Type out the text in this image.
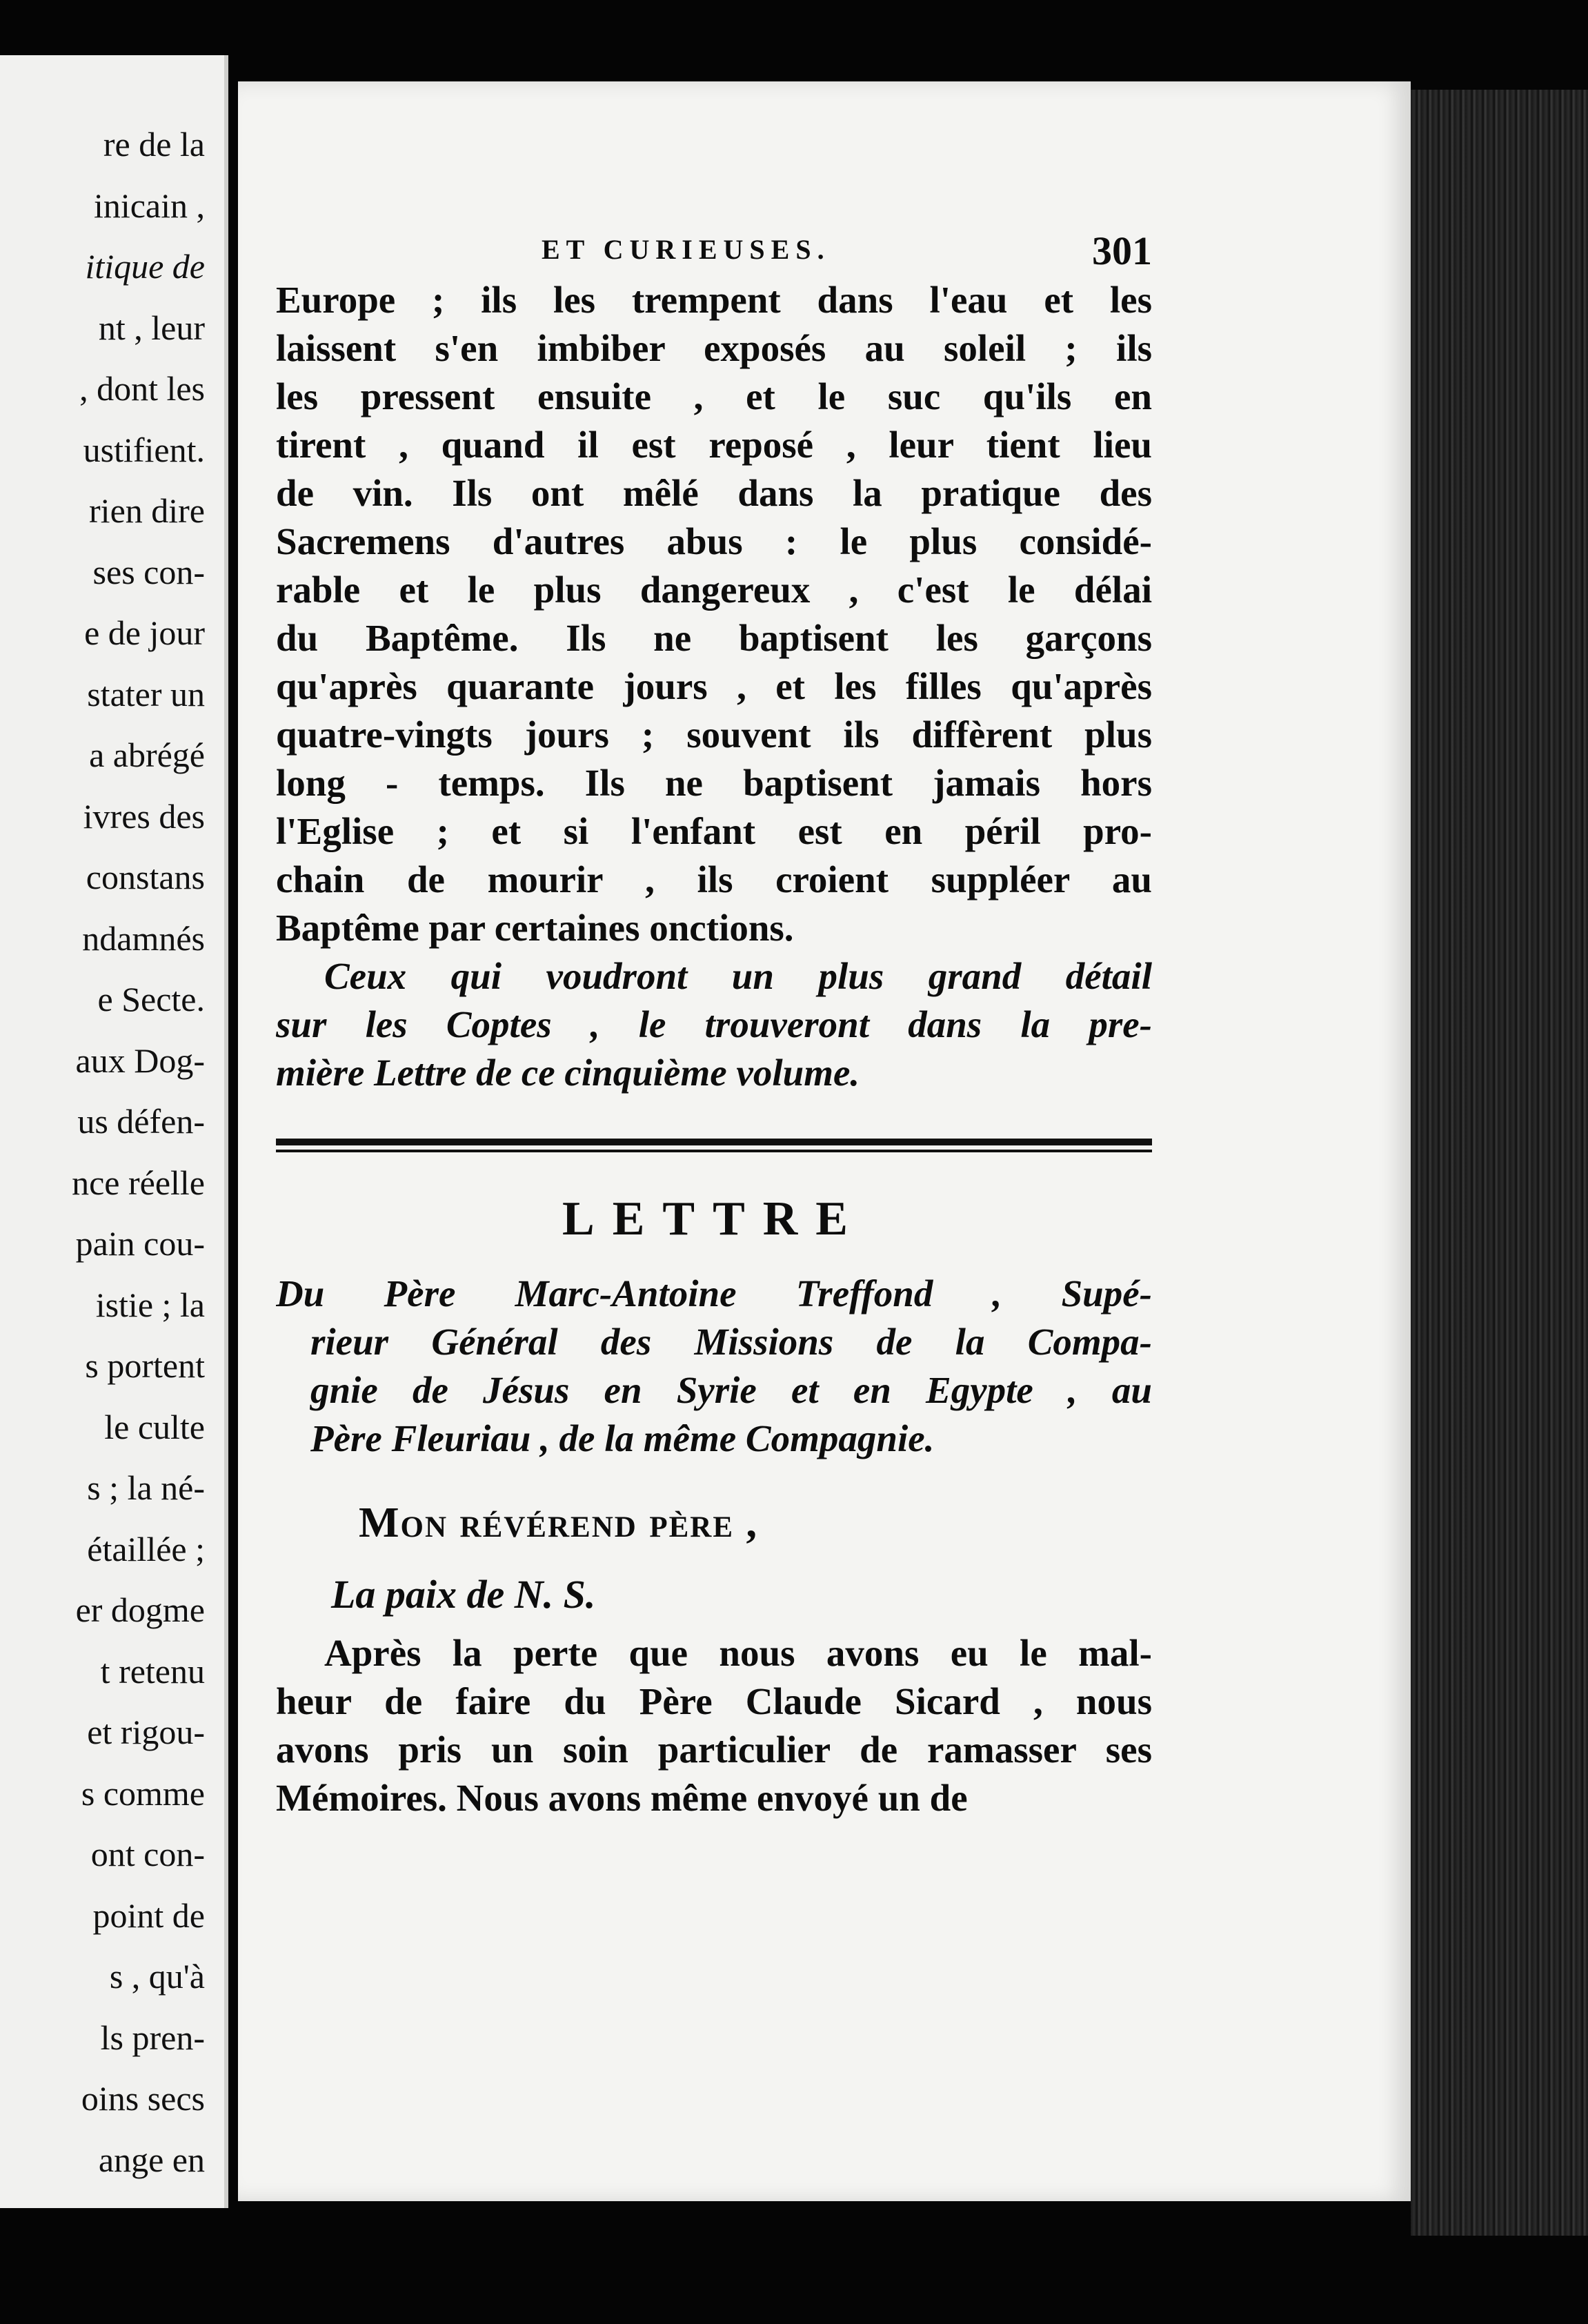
re de la
inicain ,
itique de
nt , leur
, dont les
ustifient.
rien dire
ses con-
e de jour
stater un
a abrégé
ivres des
constans
ndamnés
e Secte.
aux Dog-
us défen-
nce réelle
pain cou-
istie ; la
s portent
le culte
s ; la né-
étaillée ;
er dogme
t retenu
et rigou-
s comme
ont con-
point de
s , qu'à
ls pren-
oins secs
ange en
ET CURIEUSES.	301
Europe ; ils les trempent dans l'eau et les
laissent s'en imbiber exposés au soleil ; ils
les pressent ensuite , et le suc qu'ils en
tirent , quand il est reposé , leur tient lieu
de vin. Ils ont mêlé dans la pratique des
Sacremens d'autres abus : le plus considé-
rable et le plus dangereux , c'est le délai
du Baptême. Ils ne baptisent les garçons
qu'après quarante jours , et les filles qu'après
quatre-vingts jours ; souvent ils diffèrent plus
long - temps. Ils ne baptisent jamais hors
l'Eglise ; et si l'enfant est en péril pro-
chain de mourir , ils croient suppléer au
Baptême par certaines onctions.
Ceux qui voudront un plus grand détail
sur les Coptes , le trouveront dans la pre-
mière Lettre de ce cinquième volume.
LETTRE
Du Père Marc-Antoine Treffond , Supé-
rieur Général des Missions de la Compa-
gnie de Jésus en Syrie et en Egypte , au
Père Fleuriau , de la même Compagnie.
Mon révérend père ,
La paix de N. S.
Après la perte que nous avons eu le mal-
heur de faire du Père Claude Sicard , nous
avons pris un soin particulier de ramasser ses
Mémoires. Nous avons même envoyé un de
